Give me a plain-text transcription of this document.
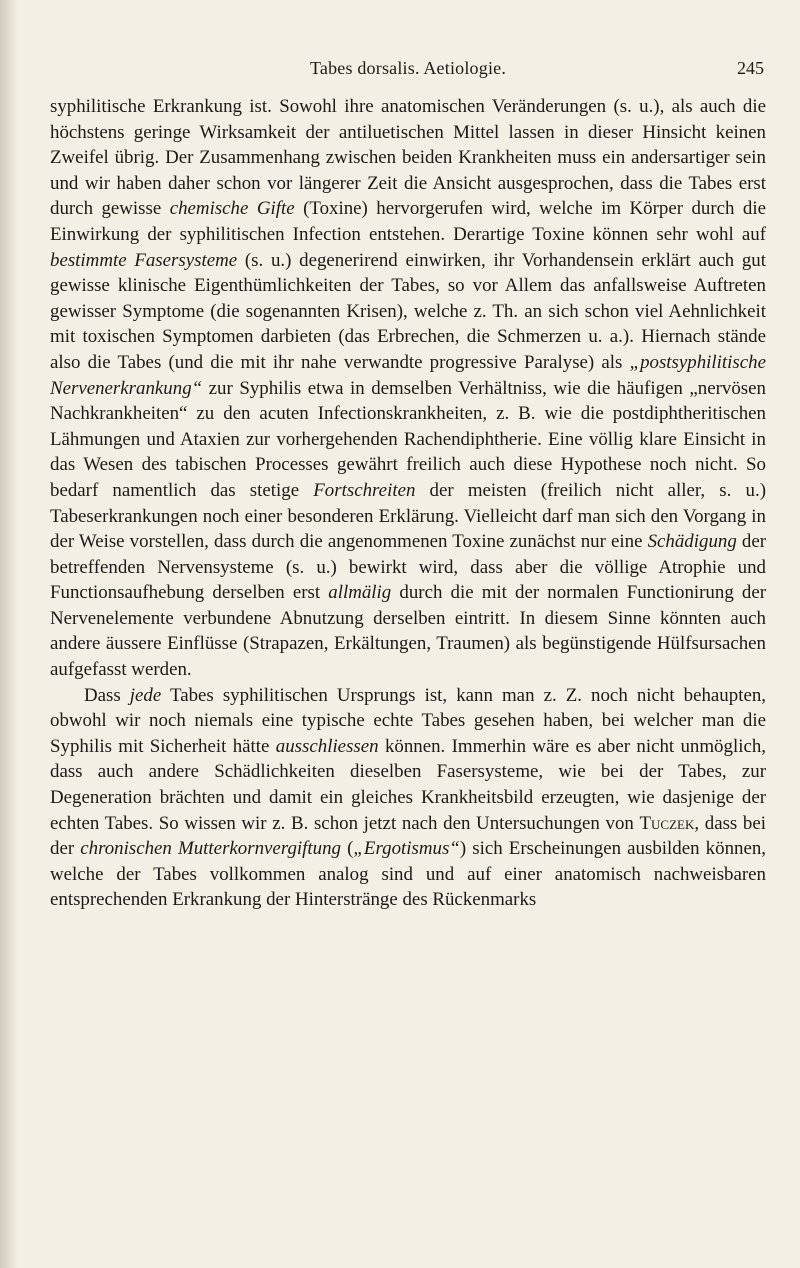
Tabes dorsalis. Aetiologie.	245

syphilitische Erkrankung ist. Sowohl ihre anatomischen Veränderungen (s. u.), als auch die höchstens geringe Wirksamkeit der antiluetischen Mittel lassen in dieser Hinsicht keinen Zweifel übrig. Der Zusammenhang zwischen beiden Krankheiten muss ein andersartiger sein und wir haben daher schon vor längerer Zeit die Ansicht ausgesprochen, dass die Tabes erst durch gewisse chemische Gifte (Toxine) hervorgerufen wird, welche im Körper durch die Einwirkung der syphilitischen Infection entstehen. Derartige Toxine können sehr wohl auf bestimmte Fasersysteme (s. u.) degenerirend einwirken, ihr Vorhandensein erklärt auch gut gewisse klinische Eigenthümlichkeiten der Tabes, so vor Allem das anfallsweise Auftreten gewisser Symptome (die sogenannten Krisen), welche z. Th. an sich schon viel Aehnlichkeit mit toxischen Symptomen darbieten (das Erbrechen, die Schmerzen u. a.). Hiernach stände also die Tabes (und die mit ihr nahe verwandte progressive Paralyse) als „postsyphilitische Nervenerkrankung“ zur Syphilis etwa in demselben Verhältniss, wie die häufigen „nervösen Nachkrankheiten“ zu den acuten Infectionskrankheiten, z. B. wie die postdiphtheritischen Lähmungen und Ataxien zur vorhergehenden Rachendiphtherie. Eine völlig klare Einsicht in das Wesen des tabischen Processes gewährt freilich auch diese Hypothese noch nicht. So bedarf namentlich das stetige Fortschreiten der meisten (freilich nicht aller, s. u.) Tabeserkrankungen noch einer besonderen Erklärung. Vielleicht darf man sich den Vorgang in der Weise vorstellen, dass durch die angenommenen Toxine zunächst nur eine Schädigung der betreffenden Nervensysteme (s. u.) bewirkt wird, dass aber die völlige Atrophie und Functionsaufhebung derselben erst allmälig durch die mit der normalen Functionirung der Nervenelemente verbundene Abnutzung derselben eintritt. In diesem Sinne könnten auch andere äussere Einflüsse (Strapazen, Erkältungen, Traumen) als begünstigende Hülfsursachen aufgefasst werden.

Dass jede Tabes syphilitischen Ursprungs ist, kann man z. Z. noch nicht behaupten, obwohl wir noch niemals eine typische echte Tabes gesehen haben, bei welcher man die Syphilis mit Sicherheit hätte ausschliessen können. Immerhin wäre es aber nicht unmöglich, dass auch andere Schädlichkeiten dieselben Fasersysteme, wie bei der Tabes, zur Degeneration brächten und damit ein gleiches Krankheitsbild erzeugten, wie dasjenige der echten Tabes. So wissen wir z. B. schon jetzt nach den Untersuchungen von Tuczek, dass bei der chronischen Mutterkornvergiftung („Ergotismus“) sich Erscheinungen ausbilden können, welche der Tabes vollkommen analog sind und auf einer anatomisch nachweisbaren entsprechenden Erkrankung der Hinterstränge des Rückenmarks
